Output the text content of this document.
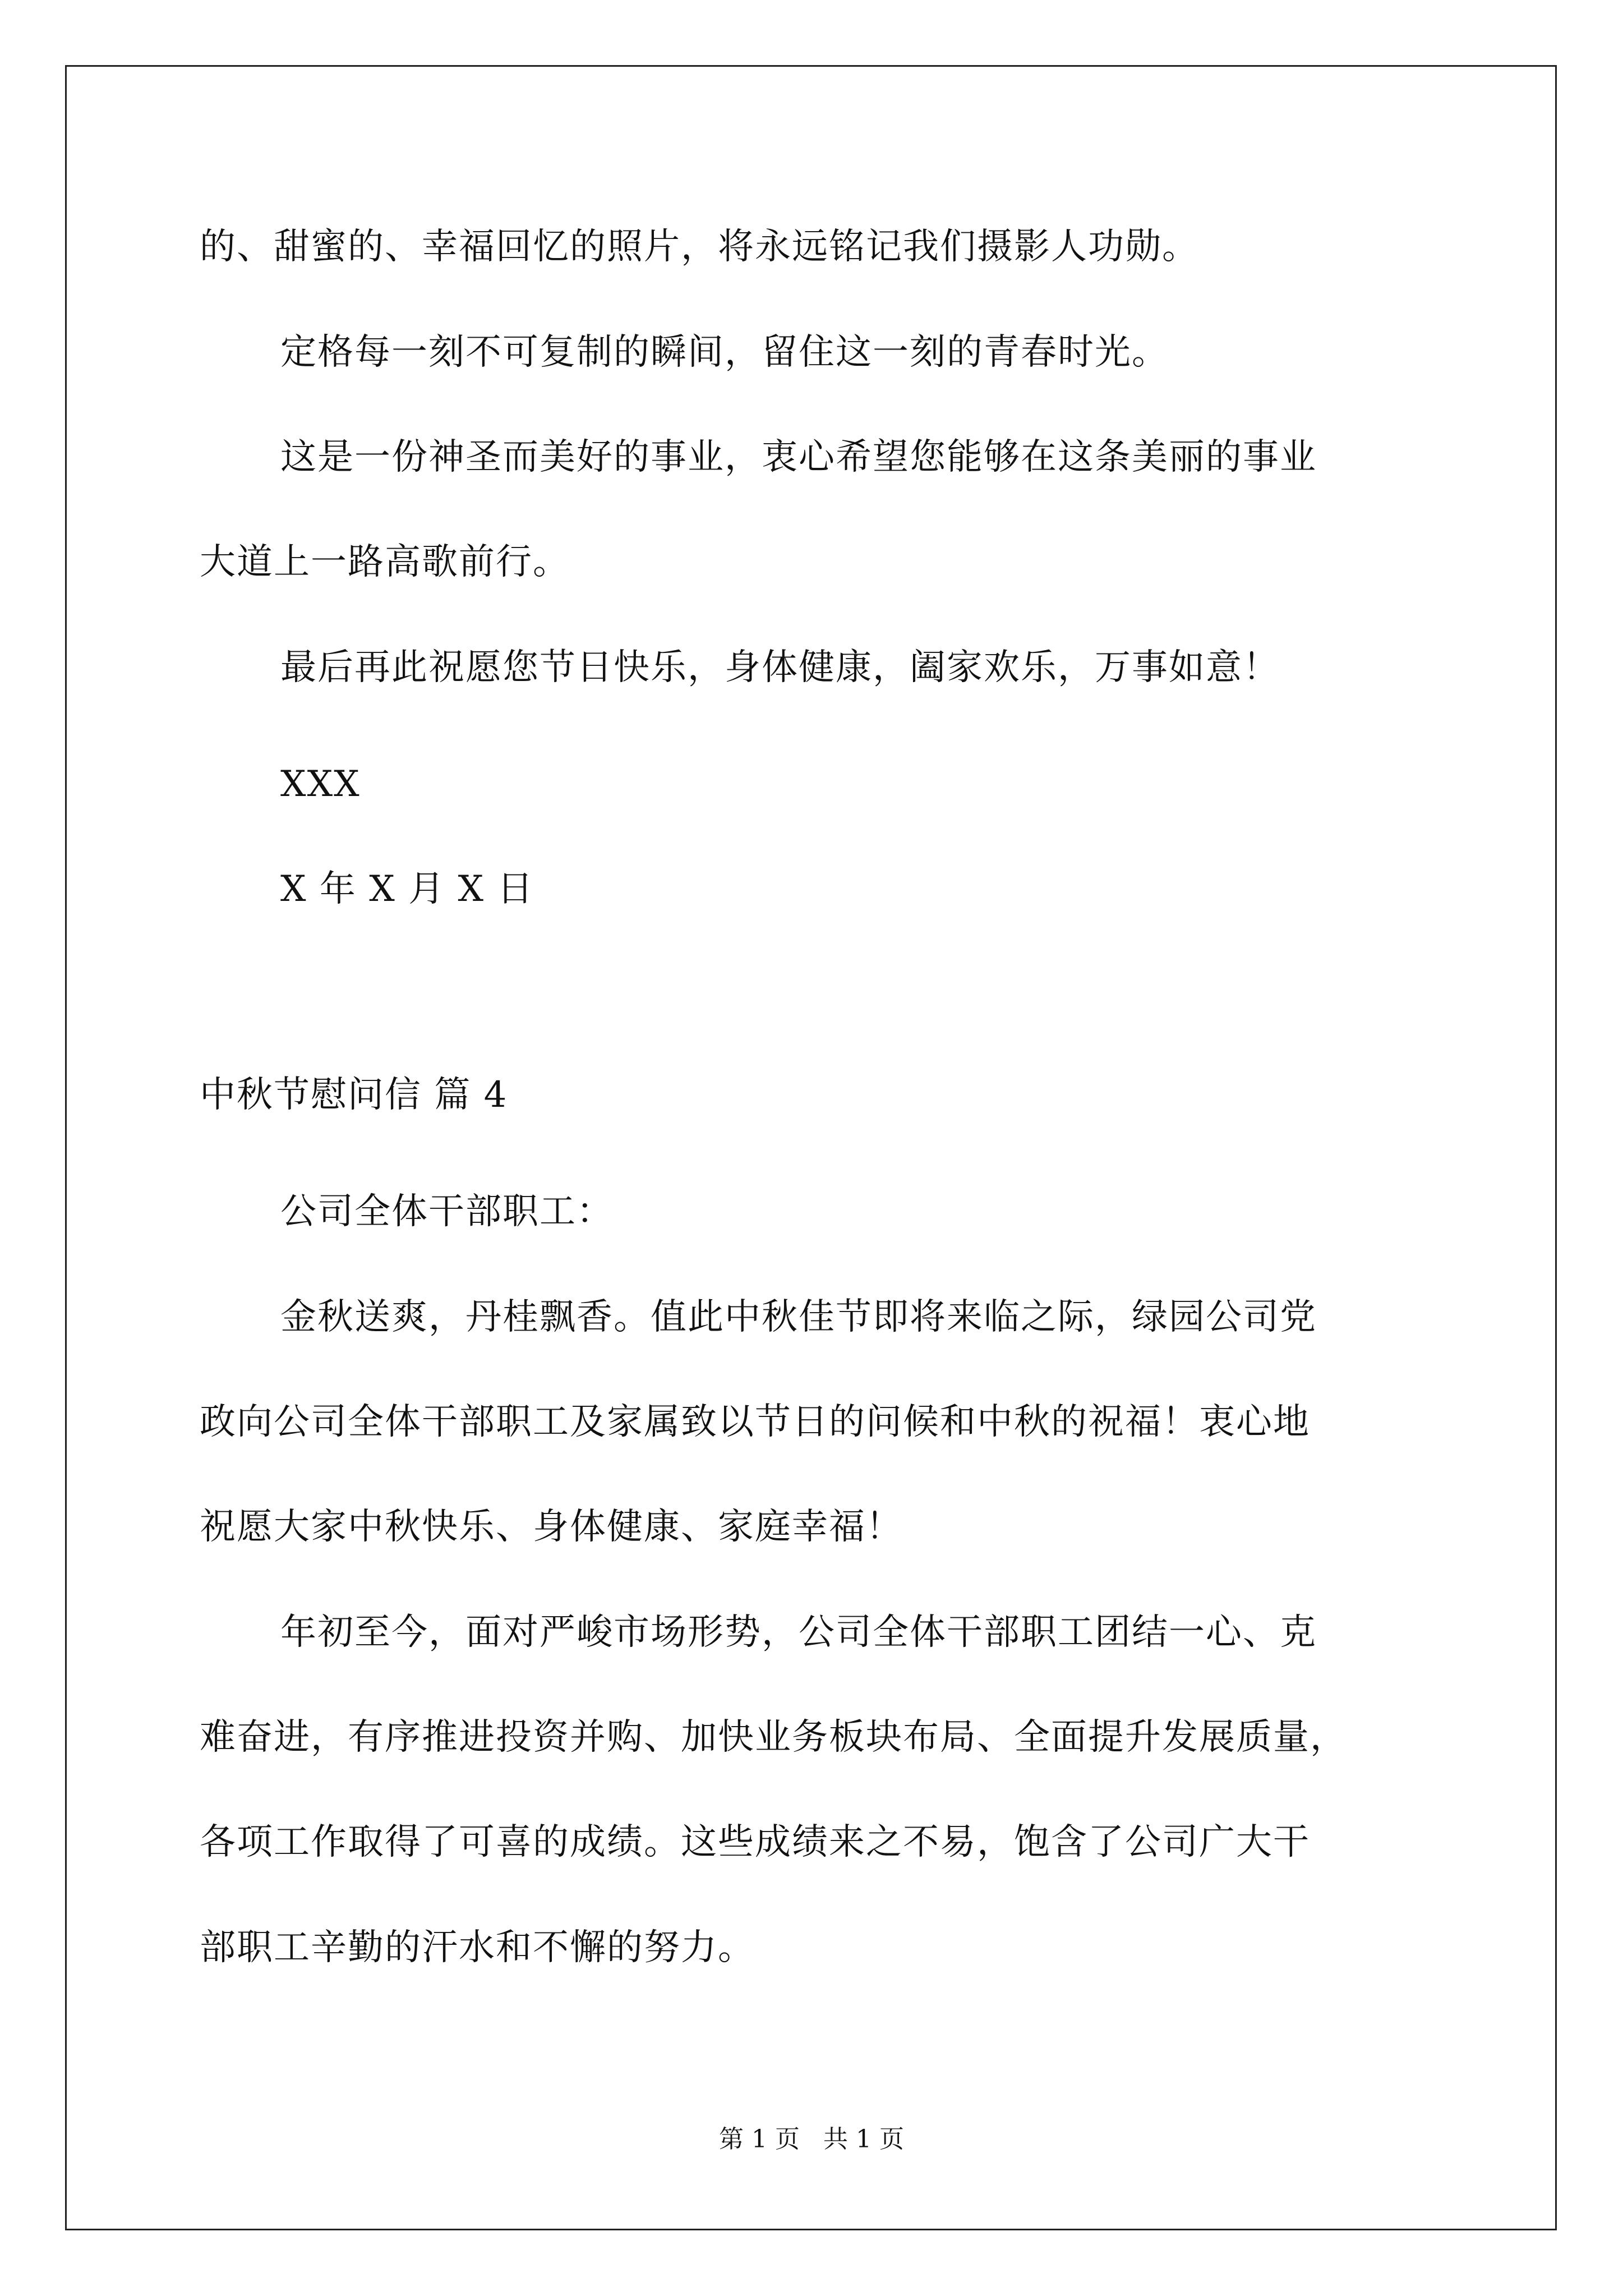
的、甜蜜的、幸福回忆的照片，将永远铭记我们摄影人功勋。
定格每一刻不可复制的瞬间，留住这一刻的青春时光。
这是一份神圣而美好的事业，衷心希望您能够在这条美丽的事业
大道上一路高歌前行。
最后再此祝愿您节日快乐，身体健康，阖家欢乐，万事如意！
XXX
X 年 X 月 X 日
中秋节慰问信 篇 4
公司全体干部职工：
金秋送爽，丹桂飘香。值此中秋佳节即将来临之际，绿园公司党
政向公司全体干部职工及家属致以节日的问候和中秋的祝福！衷心地
祝愿大家中秋快乐、身体健康、家庭幸福！
年初至今，面对严峻市场形势，公司全体干部职工团结一心、克
难奋进，有序推进投资并购、加快业务板块布局、全面提升发展质量，
各项工作取得了可喜的成绩。这些成绩来之不易，饱含了公司广大干
部职工辛勤的汗水和不懈的努力。
第 1 页   共 1 页
